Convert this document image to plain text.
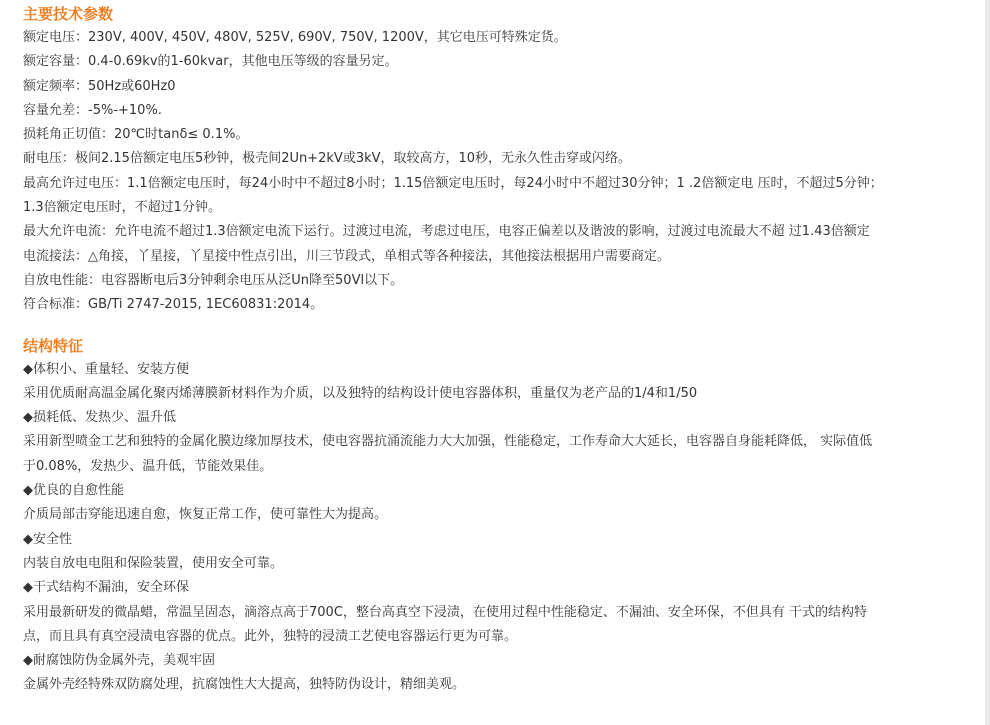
主要技术参数

额定电压：230V, 400V, 450V, 480V, 525V, 690V, 750V, 1200V，其它电压可特殊定货。

额定容量：0.4-0.69kv的1-60kvar，其他电压等级的容量另定。

额定频率：50Hz或60Hz0

容量允差：-5%-+10%.

损耗角正切值：20℃时tanδ≤ 0.1%。

耐电压：极间2.15倍额定电压5秒钟，极壳间2Un+2kV或3kV，取较高方，10秒，无永久性击穿或闪络。

最高允许过电压：1.1倍额定电压时，每24小时中不超过8小时；1.15倍额定电压时，每24小时中不超过30分钟；1 .2倍额定电 压时，不超过5分钟；

1.3倍额定电压时，不超过1分钟。

最大允许电流：允许电流不超过1.3倍额定电流下运行。过渡过电流，考虑过电压，电容正偏差以及谐波的影响，过渡过电流最大不超 过1.43倍额定

电流接法：△角接，丫星接，丫星接中性点引出，川三节段式，单相式等各种接法，其他接法根据用户需要商定。

自放电性能：电容器断电后3分钟剩余电压从泛Un降至50Vl以下。

符合标准：GB/Ti 2747-2015, 1EC60831:2014。

结构特征

◆体积小、重量轻、安装方便

采用优质耐高温金属化聚丙烯薄膜新材料作为介质，以及独特的结构设计使电容器体积，重量仅为老产品的1/4和1/50

◆损耗低、发热少、温升低

采用新型喷金工艺和独特的金属化膜边缘加厚技术，使电容器抗涌流能力大大加强，性能稳定，工作寿命大大延长，电容器自身能耗降低， 实际值低

于0.08%，发热少、温升低，节能效果佳。

◆优良的自愈性能

介质局部击穿能迅速自愈，恢复正常工作，使可靠性大为提高。

◆安全性

内装自放电电阻和保险装置，使用安全可靠。

◆干式结构不漏油，安全环保

采用最新研发的微晶蜡，常温呈固态，滴溶点高于700C，整台高真空下浸渍，在使用过程中性能稳定、不漏油、安全环保，不但具有 干式的结构特

点，而且具有真空浸渍电容器的优点。此外，独特的浸渍工艺使电容器运行更为可靠。

◆耐腐蚀防伪金属外壳，美观牢固

金属外壳经特殊双防腐处理，抗腐蚀性大大提高，独特防伪设计，精细美观。
